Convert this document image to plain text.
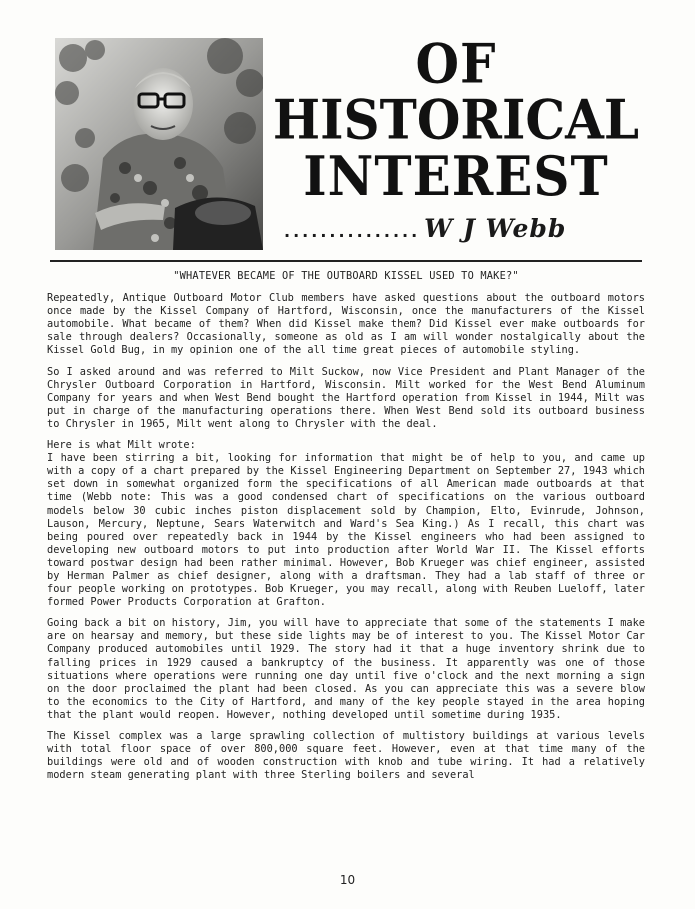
OF
HISTORICAL
INTEREST
............... W J Webb
"WHATEVER BECAME OF THE OUTBOARD KISSEL USED TO MAKE?"

Repeatedly, Antique Outboard Motor Club members have asked questions about the outboard motors once made by the Kissel Company of Hartford, Wisconsin, once the manufacturers of the Kissel automobile. What became of them? When did Kissel make them? Did Kissel ever make outboards for sale through dealers? Occasionally, someone as old as I am will wonder nostalgically about the Kissel Gold Bug, in my opinion one of the all time great pieces of automobile styling.

So I asked around and was referred to Milt Suckow, now Vice President and Plant Manager of the Chrysler Outboard Corporation in Hartford, Wisconsin. Milt worked for the West Bend Aluminum Company for years and when West Bend bought the Hartford operation from Kissel in 1944, Milt was put in charge of the manufacturing operations there. When West Bend sold its outboard business to Chrysler in 1965, Milt went along to Chrysler with the deal.

Here is what Milt wrote:

I have been stirring a bit, looking for information that might be of help to you, and came up with a copy of a chart prepared by the Kissel Engineering Department on September 27, 1943 which set down in somewhat organized form the specifications of all American made outboards at that time (Webb note: This was a good condensed chart of specifications on the various outboard models below 30 cubic inches piston displacement sold by Champion, Elto, Evinrude, Johnson, Lauson, Mercury, Neptune, Sears Waterwitch and Ward's Sea King.) As I recall, this chart was being poured over repeatedly back in 1944 by the Kissel engineers who had been assigned to developing new outboard motors to put into production after World War II. The Kissel efforts toward postwar design had been rather minimal. However, Bob Krueger was chief engineer, assisted by Herman Palmer as chief designer, along with a draftsman. They had a lab staff of three or four people working on prototypes. Bob Krueger, you may recall, along with Reuben Lueloff, later formed Power Products Corporation at Grafton.

Going back a bit on history, Jim, you will have to appreciate that some of the statements I make are on hearsay and memory, but these side lights may be of interest to you. The Kissel Motor Car Company produced automobiles until 1929. The story had it that a huge inventory shrink due to falling prices in 1929 caused a bankruptcy of the business. It apparently was one of those situations where operations were running one day until five o'clock and the next morning a sign on the door proclaimed the plant had been closed. As you can appreciate this was a severe blow to the economics to the City of Hartford, and many of the key people stayed in the area hoping that the plant would reopen. However, nothing developed until sometime during 1935.

The Kissel complex was a large sprawling collection of multistory buildings at various levels with total floor space of over 800,000 square feet. However, even at that time many of the buildings were old and of wooden construction with knob and tube wiring. It had a relatively modern steam generating plant with three Sterling boilers and several

10
